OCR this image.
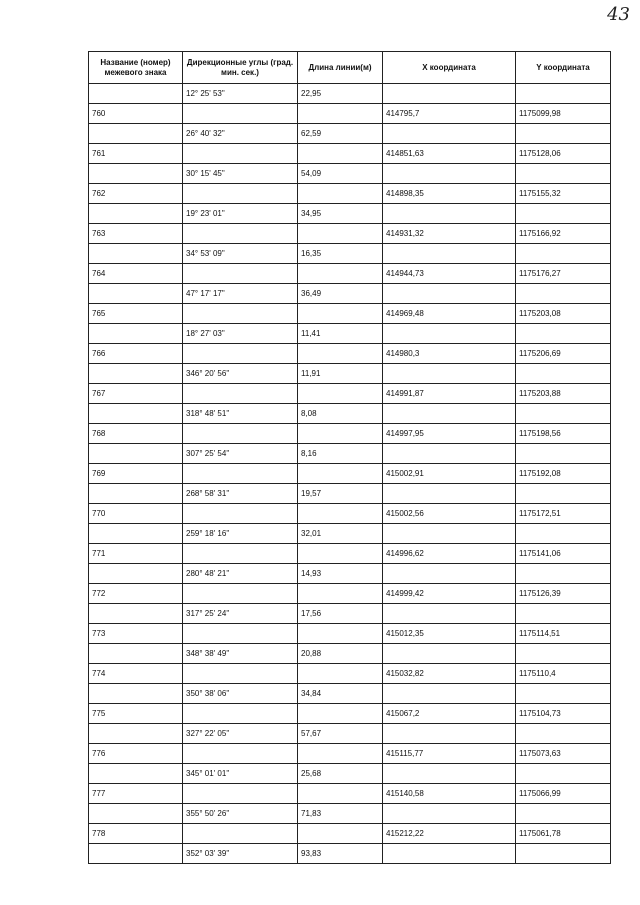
43
Название (номер) межевого знака	Дирекционные углы (град. мин. сек.)	Длина линии(м)	X координата	Y координата
	12° 25' 53"	22,95		
760			414795,7	1175099,98
	26° 40' 32"	62,59		
761			414851,63	1175128,06
	30° 15' 45"	54,09		
762			414898,35	1175155,32
	19° 23' 01"	34,95		
763			414931,32	1175166,92
	34° 53' 09"	16,35		
764			414944,73	1175176,27
	47° 17' 17"	36,49		
765			414969,48	1175203,08
	18° 27' 03"	11,41		
766			414980,3	1175206,69
	346° 20' 56"	11,91		
767			414991,87	1175203,88
	318° 48' 51"	8,08		
768			414997,95	1175198,56
	307° 25' 54"	8,16		
769			415002,91	1175192,08
	268° 58' 31"	19,57		
770			415002,56	1175172,51
	259° 18' 16"	32,01		
771			414996,62	1175141,06
	280° 48' 21"	14,93		
772			414999,42	1175126,39
	317° 25' 24"	17,56		
773			415012,35	1175114,51
	348° 38' 49"	20,88		
774			415032,82	1175110,4
	350° 38' 06"	34,84		
775			415067,2	1175104,73
	327° 22' 05"	57,67		
776			415115,77	1175073,63
	345° 01' 01"	25,68		
777			415140,58	1175066,99
	355° 50' 26"	71,83		
778			415212,22	1175061,78
	352° 03' 39"	93,83		
